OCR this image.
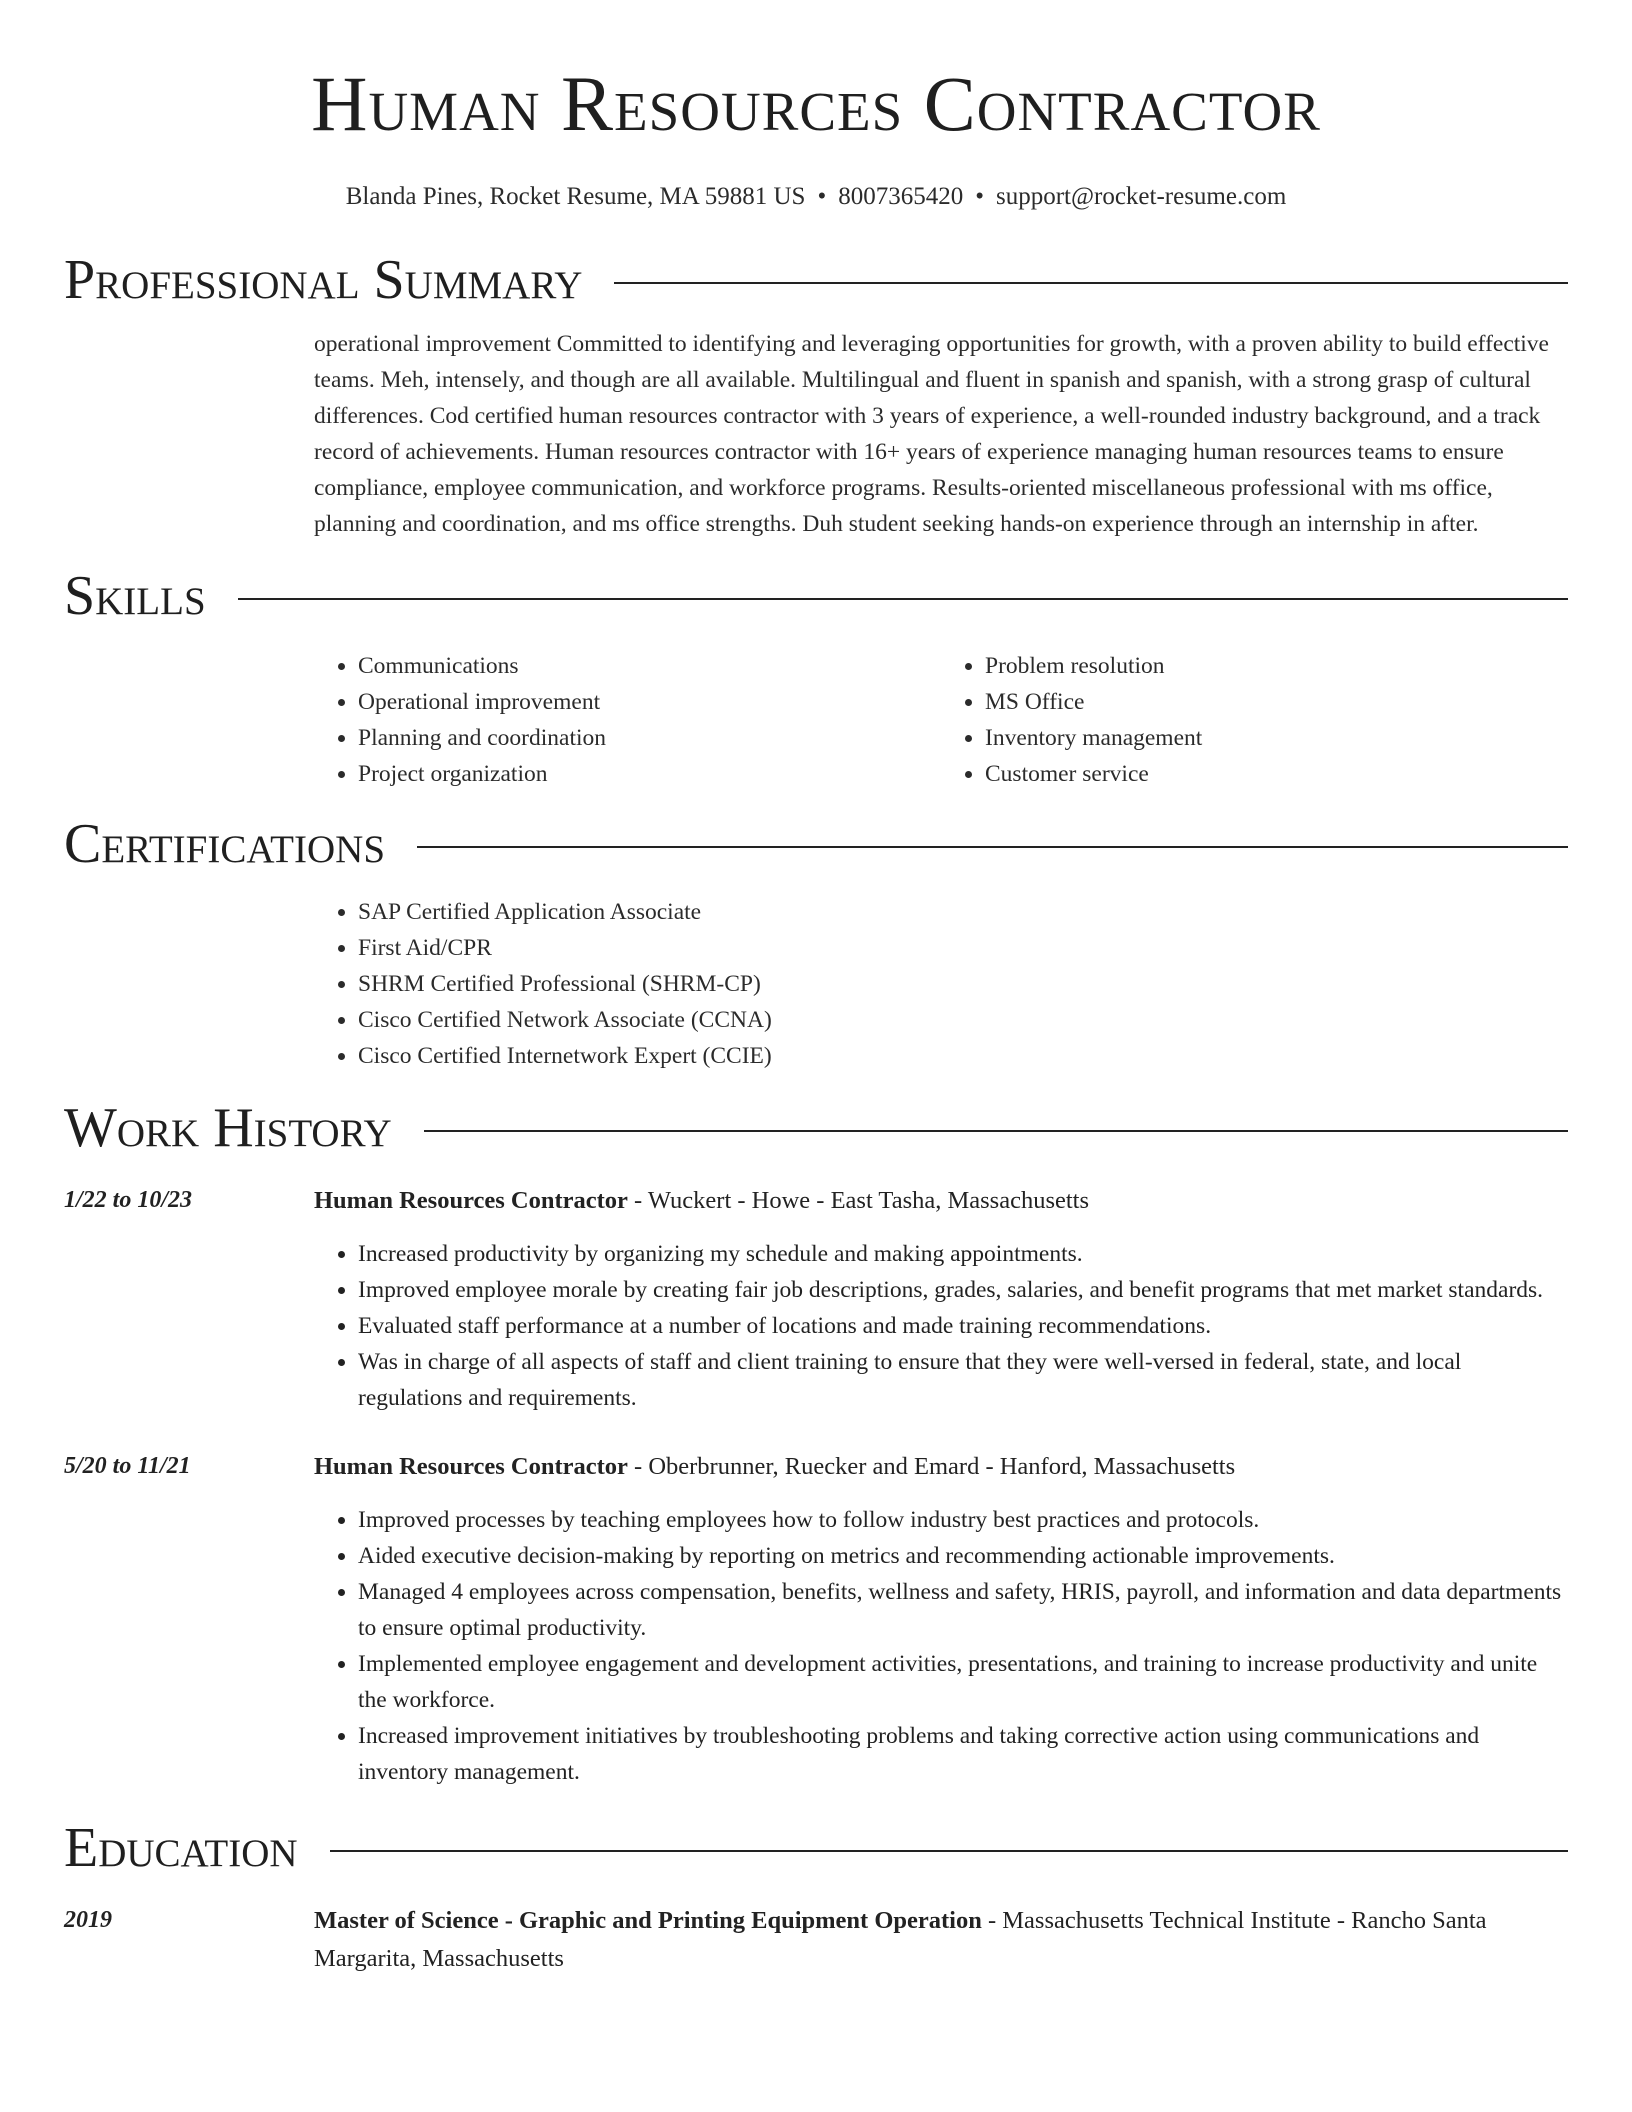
Human Resources Contractor
Blanda Pines, Rocket Resume, MA 59881 US • 8007365420 • support@rocket-resume.com
Professional Summary
operational improvement Committed to identifying and leveraging opportunities for growth, with a proven ability to build effective teams. Meh, intensely, and though are all available. Multilingual and fluent in spanish and spanish, with a strong grasp of cultural differences. Cod certified human resources contractor with 3 years of experience, a well-rounded industry background, and a track record of achievements. Human resources contractor with 16+ years of experience managing human resources teams to ensure compliance, employee communication, and workforce programs. Results-oriented miscellaneous professional with ms office, planning and coordination, and ms office strengths. Duh student seeking hands-on experience through an internship in after.
Skills
• Communications
• Operational improvement
• Planning and coordination
• Project organization
• Problem resolution
• MS Office
• Inventory management
• Customer service
Certifications
• SAP Certified Application Associate
• First Aid/CPR
• SHRM Certified Professional (SHRM-CP)
• Cisco Certified Network Associate (CCNA)
• Cisco Certified Internetwork Expert (CCIE)
Work History
1/22 to 10/23	Human Resources Contractor - Wuckert - Howe - East Tasha, Massachusetts
• Increased productivity by organizing my schedule and making appointments.
• Improved employee morale by creating fair job descriptions, grades, salaries, and benefit programs that met market standards.
• Evaluated staff performance at a number of locations and made training recommendations.
• Was in charge of all aspects of staff and client training to ensure that they were well-versed in federal, state, and local regulations and requirements.
5/20 to 11/21	Human Resources Contractor - Oberbrunner, Ruecker and Emard - Hanford, Massachusetts
• Improved processes by teaching employees how to follow industry best practices and protocols.
• Aided executive decision-making by reporting on metrics and recommending actionable improvements.
• Managed 4 employees across compensation, benefits, wellness and safety, HRIS, payroll, and information and data departments to ensure optimal productivity.
• Implemented employee engagement and development activities, presentations, and training to increase productivity and unite the workforce.
• Increased improvement initiatives by troubleshooting problems and taking corrective action using communications and inventory management.
Education
2019	Master of Science - Graphic and Printing Equipment Operation - Massachusetts Technical Institute - Rancho Santa Margarita, Massachusetts
